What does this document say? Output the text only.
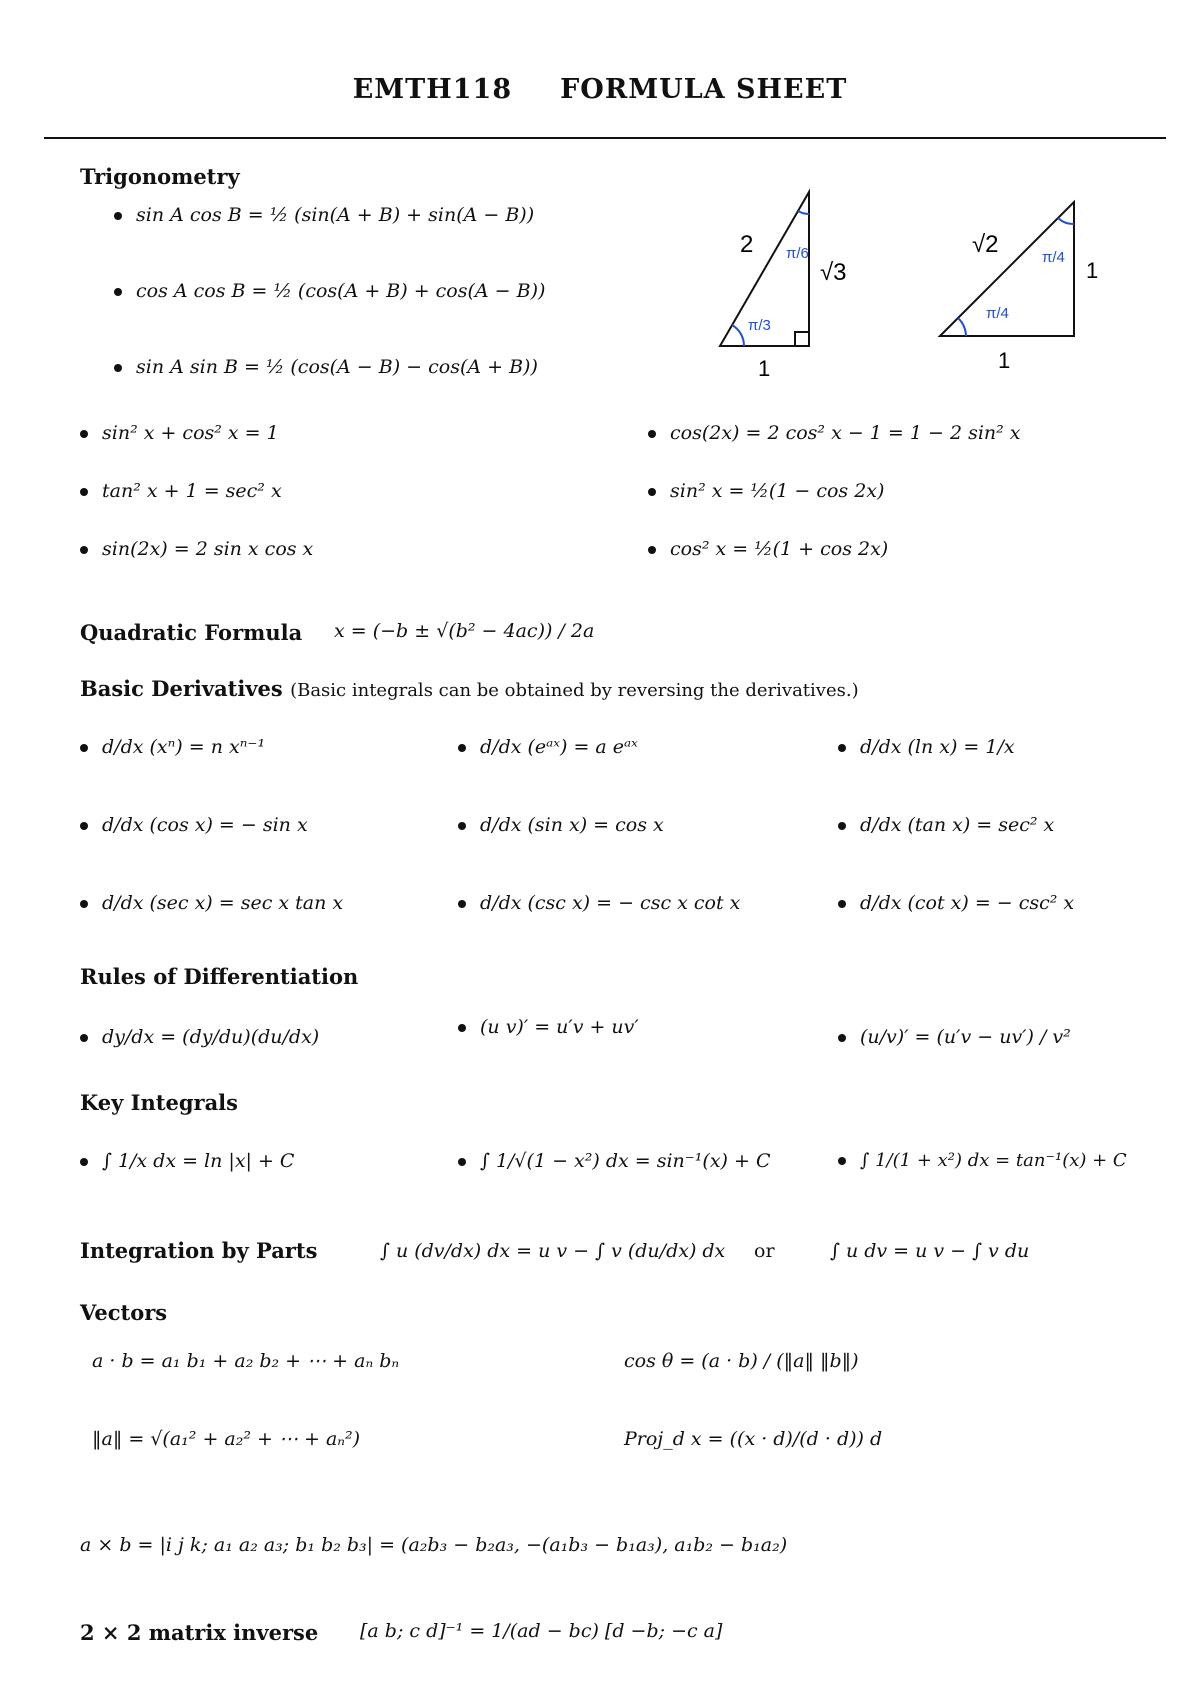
EMTH118 FORMULA SHEET
Trigonometry
sin A cos B = ½ (sin(A + B) + sin(A − B))
cos A cos B = ½ (cos(A + B) + cos(A − B))
sin A sin B = ½ (cos(A − B) − cos(A + B))
2
√3
1
π/6
π/3
√2
1
1
π/4
π/4
sin² x + cos² x = 1
tan² x + 1 = sec² x
sin(2x) = 2 sin x cos x
cos(2x) = 2 cos² x − 1 = 1 − 2 sin² x
sin² x = ½(1 − cos 2x)
cos² x = ½(1 + cos 2x)
Quadratic Formula x = (−b ± √(b² − 4ac)) / 2a
Basic Derivatives (Basic integrals can be obtained by reversing the derivatives.)
d/dx (xⁿ) = n xⁿ⁻¹	d/dx (eᵃˣ) = a eᵃˣ	d/dx (ln x) = 1/x
d/dx (cos x) = − sin x	d/dx (sin x) = cos x	d/dx (tan x) = sec² x
d/dx (sec x) = sec x tan x	d/dx (csc x) = − csc x cot x	d/dx (cot x) = − csc² x
Rules of Differentiation
dy/dx = (dy/du)(du/dx)	(u v)′ = u′v + uv′	(u/v)′ = (u′v − uv′) / v²
Key Integrals
∫ 1/x dx = ln |x| + C	∫ 1/√(1 − x²) dx = sin⁻¹(x) + C	∫ 1/(1 + x²) dx = tan⁻¹(x) + C
Integration by Parts	∫ u (dv/dx) dx = u v − ∫ v (du/dx) dx or	∫ u dv = u v − ∫ v du
Vectors
a · b = a₁ b₁ + a₂ b₂ + ⋯ + aₙ bₙ	cos θ = (a · b) / (‖a‖ ‖b‖)
‖a‖ = √(a₁² + a₂² + ⋯ + aₙ²)	Proj_d x = ((x · d)/(d · d)) d
a × b = |i j k; a₁ a₂ a₃; b₁ b₂ b₃| = (a₂b₃ − b₂a₃, −(a₁b₃ − b₁a₃), a₁b₂ − b₁a₂)
2 × 2 matrix inverse [a b; c d]⁻¹ = 1/(ad − bc) [d −b; −c a]
